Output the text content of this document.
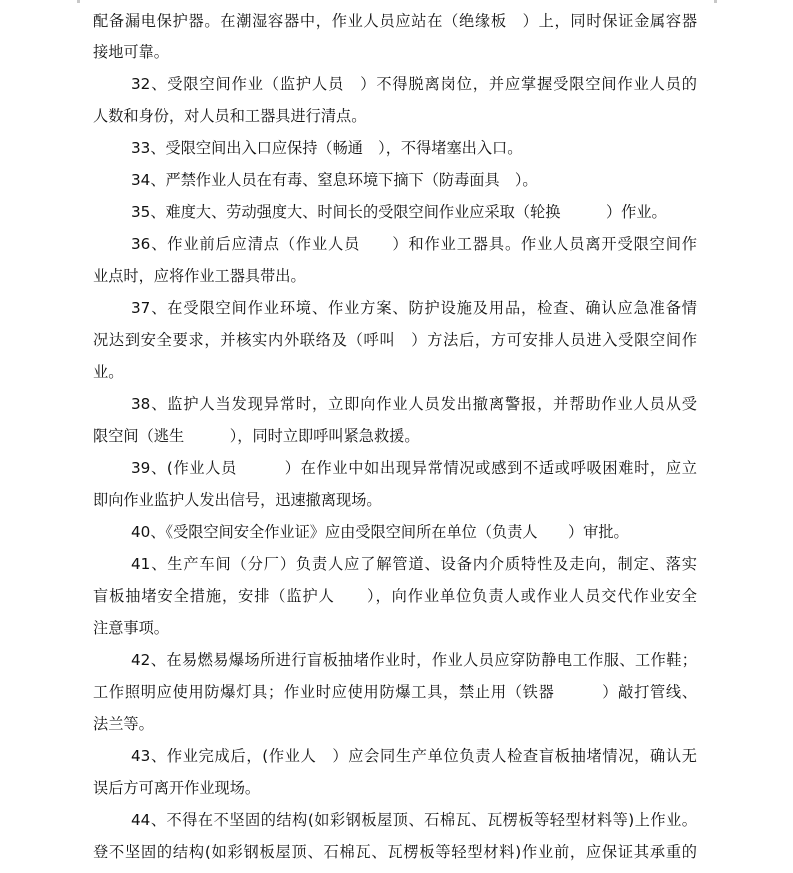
配备漏电保护器。在潮湿容器中，作业人员应站在（绝缘板　）上，同时保证金属容器
接地可靠。
32、受限空间作业（监护人员　）不得脱离岗位，并应掌握受限空间作业人员的
人数和身份，对人员和工器具进行清点。
33、受限空间出入口应保持（畅通　），不得堵塞出入口。
34、严禁作业人员在有毒、窒息环境下摘下（防毒面具　）。
35、难度大、劳动强度大、时间长的受限空间作业应采取（轮换　　　）作业。
36、作业前后应清点（作业人员　　）和作业工器具。作业人员离开受限空间作
业点时，应将作业工器具带出。
37、在受限空间作业环境、作业方案、防护设施及用品，检查、确认应急准备情
况达到安全要求，并核实内外联络及（呼叫　）方法后，方可安排人员进入受限空间作
业。
38、监护人当发现异常时，立即向作业人员发出撤离警报，并帮助作业人员从受
限空间（逃生　　　），同时立即呼叫紧急救援。
39、(作业人员　　　）在作业中如出现异常情况或感到不适或呼吸困难时，应立
即向作业监护人发出信号，迅速撤离现场。
40、《受限空间安全作业证》应由受限空间所在单位（负责人　　）审批。
41、生产车间（分厂）负责人应了解管道、设备内介质特性及走向，制定、落实
盲板抽堵安全措施，安排（监护人　　），向作业单位负责人或作业人员交代作业安全
注意事项。
42、在易燃易爆场所进行盲板抽堵作业时，作业人员应穿防静电工作服、工作鞋；
工作照明应使用防爆灯具；作业时应使用防爆工具，禁止用（铁器　　　）敲打管线、
法兰等。
43、作业完成后，(作业人　）应会同生产单位负责人检查盲板抽堵情况，确认无
误后方可离开作业现场。
44、不得在不坚固的结构(如彩钢板屋顶、石棉瓦、瓦楞板等轻型材料等)上作业。
登不坚固的结构(如彩钢板屋顶、石棉瓦、瓦楞板等轻型材料)作业前，应保证其承重的
